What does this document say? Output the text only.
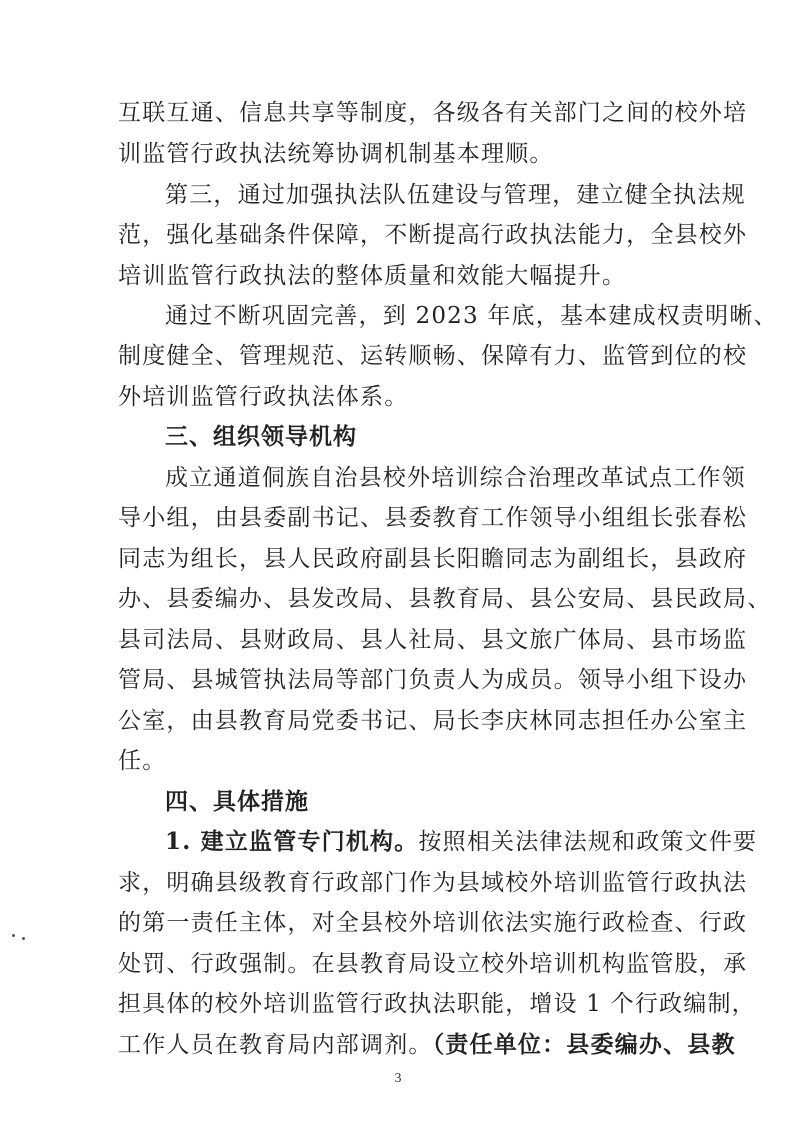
互联互通、信息共享等制度，各级各有关部门之间的校外培
训监管行政执法统筹协调机制基本理顺。
第三，通过加强执法队伍建设与管理，建立健全执法规
范，强化基础条件保障，不断提高行政执法能力，全县校外
培训监管行政执法的整体质量和效能大幅提升。
通过不断巩固完善，到 2023 年底，基本建成权责明晰、
制度健全、管理规范、运转顺畅、保障有力、监管到位的校
外培训监管行政执法体系。
三、组织领导机构
成立通道侗族自治县校外培训综合治理改革试点工作领
导小组，由县委副书记、县委教育工作领导小组组长张春松
同志为组长，县人民政府副县长阳瞻同志为副组长，县政府
办、县委编办、县发改局、县教育局、县公安局、县民政局、
县司法局、县财政局、县人社局、县文旅广体局、县市场监
管局、县城管执法局等部门负责人为成员。领导小组下设办
公室，由县教育局党委书记、局长李庆林同志担任办公室主
任。
四、具体措施
1. 建立监管专门机构。按照相关法律法规和政策文件要
求，明确县级教育行政部门作为县域校外培训监管行政执法
的第一责任主体，对全县校外培训依法实施行政检查、行政
处罚、行政强制。在县教育局设立校外培训机构监管股，承
担具体的校外培训监管行政执法职能，增设 1 个行政编制，
工作人员在教育局内部调剂。（责任单位：县委编办、县教
3
